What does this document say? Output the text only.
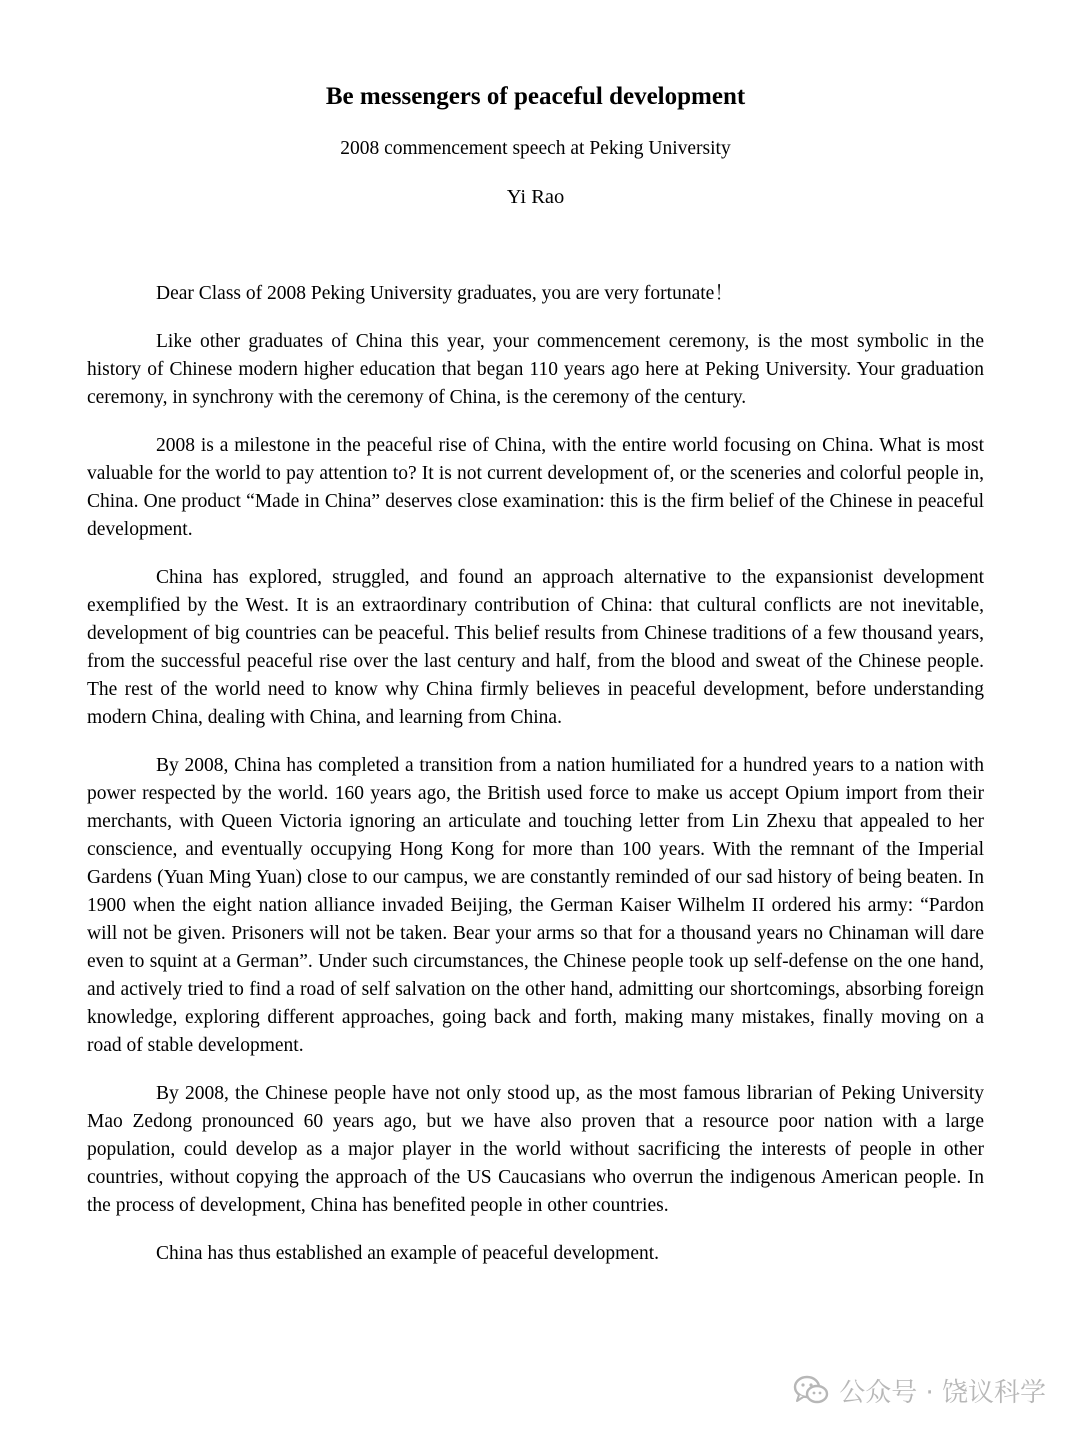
Be messengers of peaceful development
2008 commencement speech at Peking University
Yi Rao

Dear Class of 2008 Peking University graduates, you are very fortunate！

Like other graduates of China this year, your commencement ceremony, is the most symbolic in the history of Chinese modern higher education that began 110 years ago here at Peking University. Your graduation ceremony, in synchrony with the ceremony of China, is the ceremony of the century.

2008 is a milestone in the peaceful rise of China, with the entire world focusing on China. What is most valuable for the world to pay attention to? It is not current development of, or the sceneries and colorful people in, China. One product “Made in China” deserves close examination: this is the firm belief of the Chinese in peaceful development.

China has explored, struggled, and found an approach alternative to the expansionist development exemplified by the West. It is an extraordinary contribution of China: that cultural conflicts are not inevitable, development of big countries can be peaceful. This belief results from Chinese traditions of a few thousand years, from the successful peaceful rise over the last century and half, from the blood and sweat of the Chinese people. The rest of the world need to know why China firmly believes in peaceful development, before understanding modern China, dealing with China, and learning from China.

By 2008, China has completed a transition from a nation humiliated for a hundred years to a nation with power respected by the world. 160 years ago, the British used force to make us accept Opium import from their merchants, with Queen Victoria ignoring an articulate and touching letter from Lin Zhexu that appealed to her conscience, and eventually occupying Hong Kong for more than 100 years. With the remnant of the Imperial Gardens (Yuan Ming Yuan) close to our campus, we are constantly reminded of our sad history of being beaten. In 1900 when the eight nation alliance invaded Beijing, the German Kaiser Wilhelm II ordered his army: “Pardon will not be given. Prisoners will not be taken. Bear your arms so that for a thousand years no Chinaman will dare even to squint at a German”. Under such circumstances, the Chinese people took up self-defense on the one hand, and actively tried to find a road of self salvation on the other hand, admitting our shortcomings, absorbing foreign knowledge, exploring different approaches, going back and forth, making many mistakes, finally moving on a road of stable development.

By 2008, the Chinese people have not only stood up, as the most famous librarian of Peking University Mao Zedong pronounced 60 years ago, but we have also proven that a resource poor nation with a large population, could develop as a major player in the world without sacrificing the interests of people in other countries, without copying the approach of the US Caucasians who overrun the indigenous American people. In the process of development, China has benefited people in other countries.

China has thus established an example of peaceful development.

公众号 · 饶议科学
